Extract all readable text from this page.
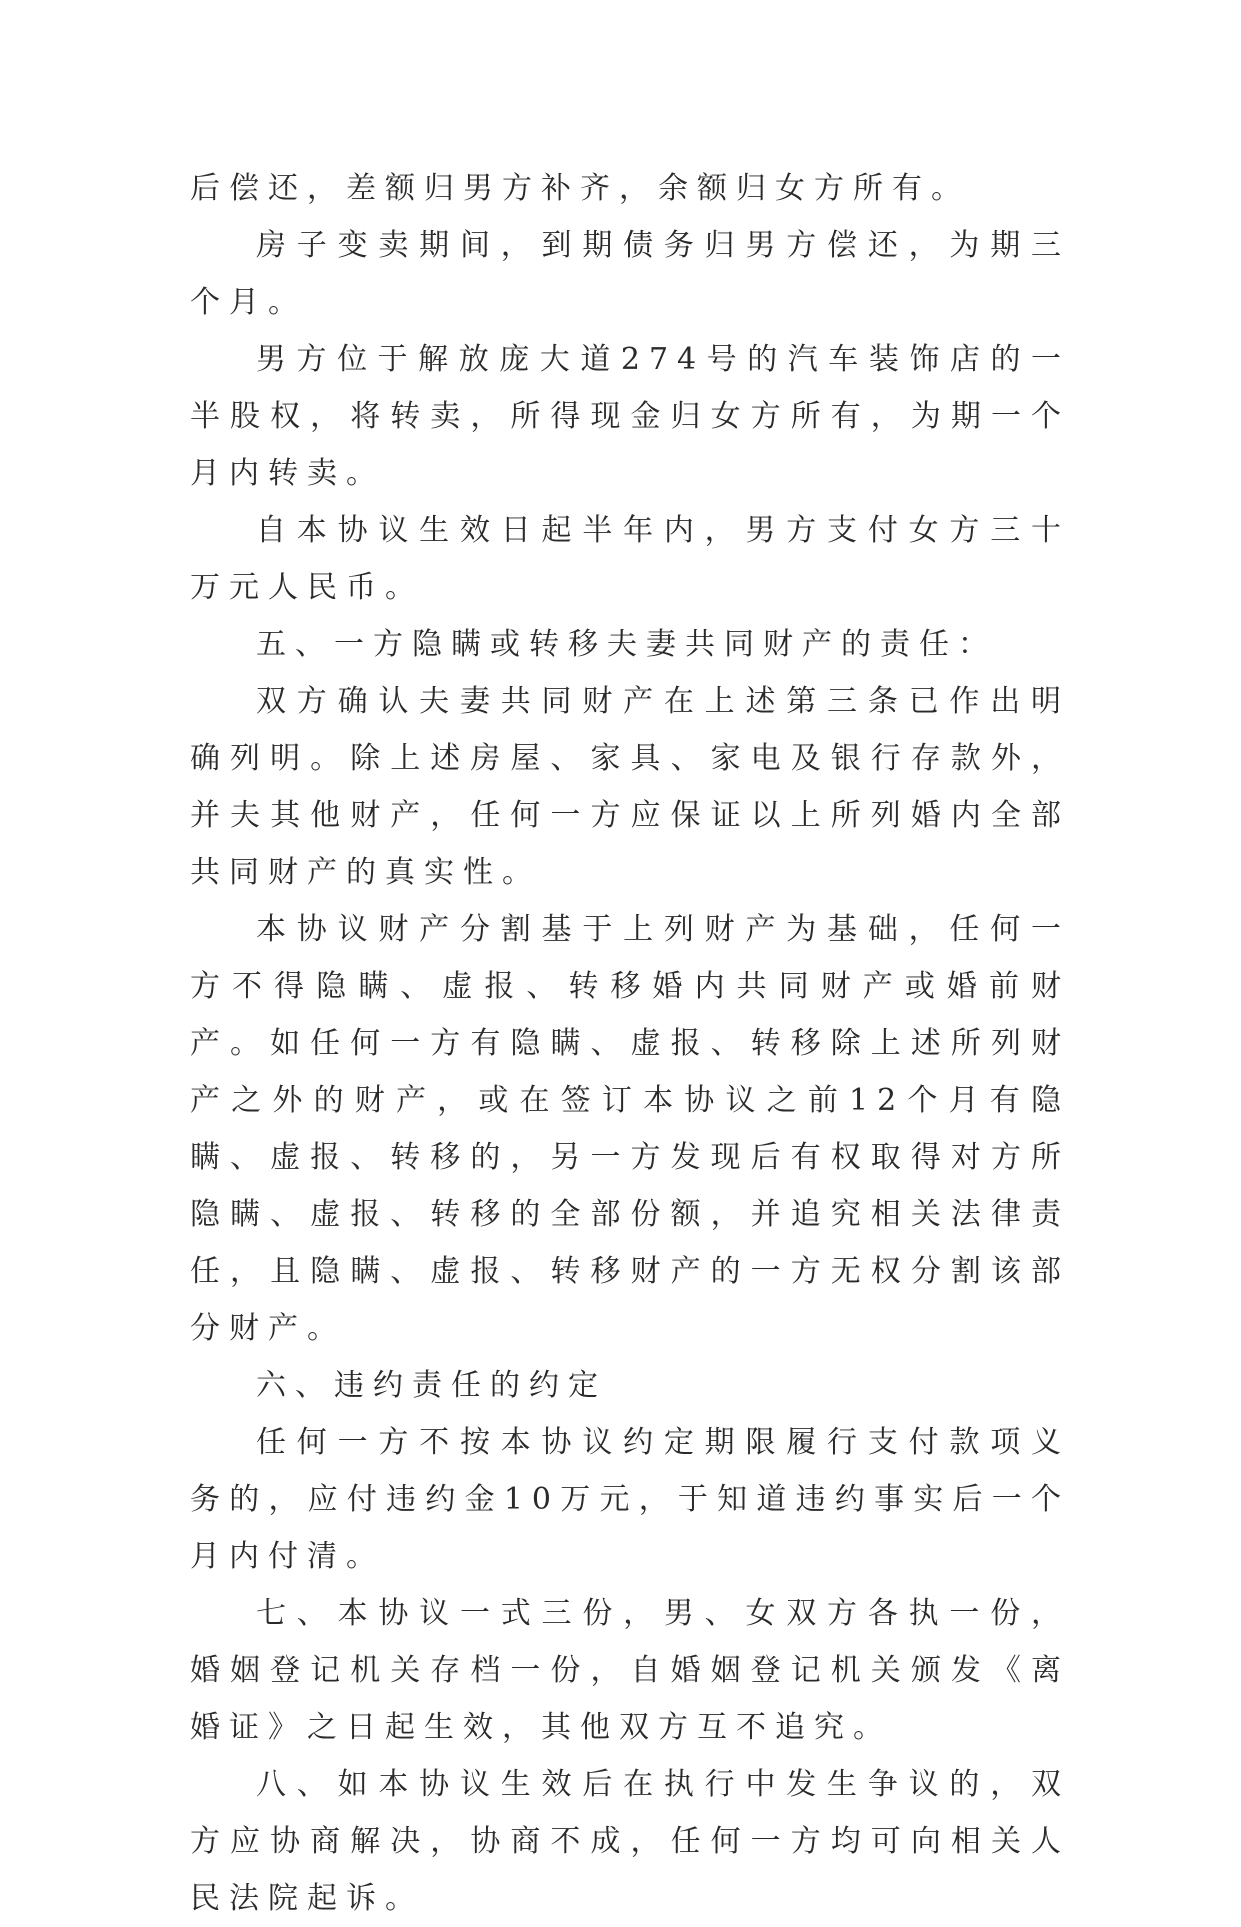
后偿还，差额归男方补齐，余额归女方所有。

房子变卖期间，到期债务归男方偿还，为期三个月。

男方位于解放庞大道274号的汽车装饰店的一半股权，将转卖，所得现金归女方所有，为期一个月内转卖。

自本协议生效日起半年内，男方支付女方三十万元人民币。

五、一方隐瞒或转移夫妻共同财产的责任：

双方确认夫妻共同财产在上述第三条已作出明确列明。除上述房屋、家具、家电及银行存款外，并夫其他财产，任何一方应保证以上所列婚内全部共同财产的真实性。

本协议财产分割基于上列财产为基础，任何一方不得隐瞒、虚报、转移婚内共同财产或婚前财产。如任何一方有隐瞒、虚报、转移除上述所列财产之外的财产，或在签订本协议之前12个月有隐瞒、虚报、转移的，另一方发现后有权取得对方所隐瞒、虚报、转移的全部份额，并追究相关法律责任，且隐瞒、虚报、转移财产的一方无权分割该部分财产。

六、违约责任的约定

任何一方不按本协议约定期限履行支付款项义务的，应付违约金10万元，于知道违约事实后一个月内付清。

七、本协议一式三份，男、女双方各执一份，婚姻登记机关存档一份，自婚姻登记机关颁发《离婚证》之日起生效，其他双方互不追究。

八、如本协议生效后在执行中发生争议的，双方应协商解决，协商不成，任何一方均可向相关人民法院起诉。
